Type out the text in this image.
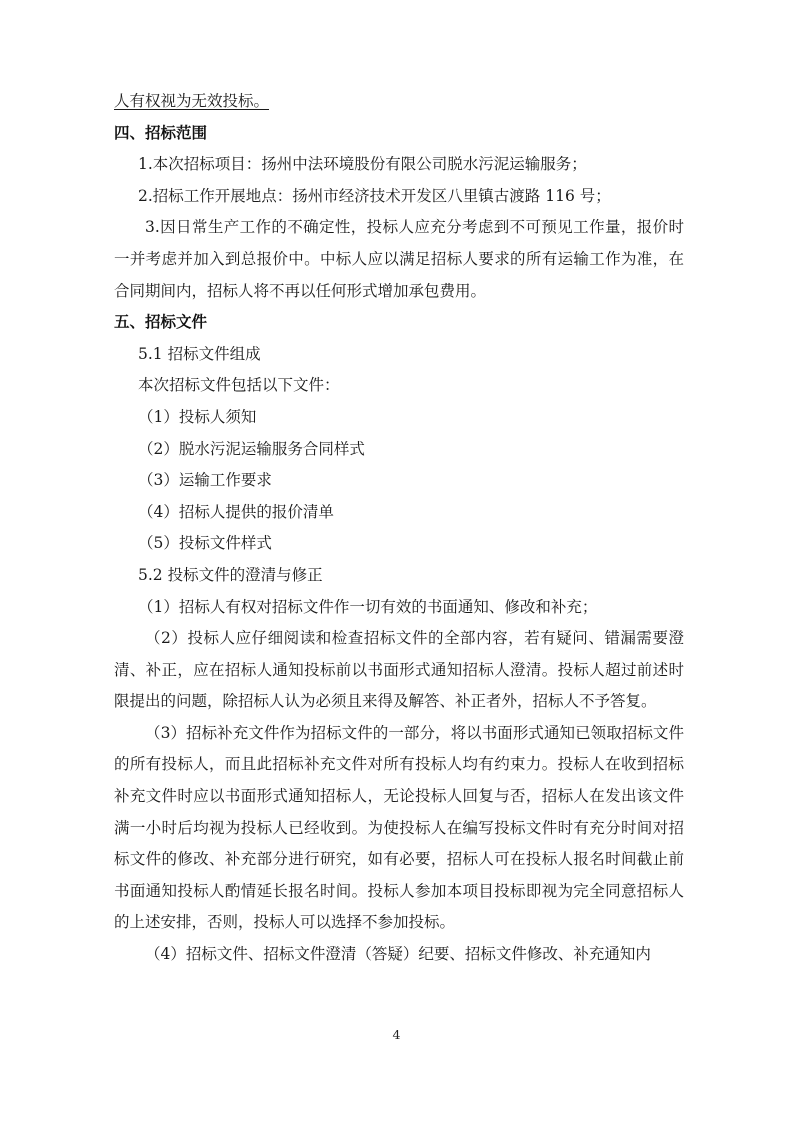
人有权视为无效投标。

四、招标范围

1.本次招标项目：扬州中法环境股份有限公司脱水污泥运输服务；

2.招标工作开展地点：扬州市经济技术开发区八里镇古渡路 116 号；

3.因日常生产工作的不确定性，投标人应充分考虑到不可预见工作量，报价时一并考虑并加入到总报价中。中标人应以满足招标人要求的所有运输工作为准，在合同期间内，招标人将不再以任何形式增加承包费用。

五、招标文件

5.1 招标文件组成

本次招标文件包括以下文件：

（1）投标人须知

（2）脱水污泥运输服务合同样式

（3）运输工作要求

（4）招标人提供的报价清单

（5）投标文件样式

5.2 投标文件的澄清与修正

（1）招标人有权对招标文件作一切有效的书面通知、修改和补充；

（2）投标人应仔细阅读和检查招标文件的全部内容，若有疑问、错漏需要澄清、补正，应在招标人通知投标前以书面形式通知招标人澄清。投标人超过前述时限提出的问题，除招标人认为必须且来得及解答、补正者外，招标人不予答复。

（3）招标补充文件作为招标文件的一部分，将以书面形式通知已领取招标文件的所有投标人，而且此招标补充文件对所有投标人均有约束力。投标人在收到招标补充文件时应以书面形式通知招标人，无论投标人回复与否，招标人在发出该文件满一小时后均视为投标人已经收到。为使投标人在编写投标文件时有充分时间对招标文件的修改、补充部分进行研究，如有必要，招标人可在投标人报名时间截止前书面通知投标人酌情延长报名时间。投标人参加本项目投标即视为完全同意招标人的上述安排，否则，投标人可以选择不参加投标。

（4）招标文件、招标文件澄清（答疑）纪要、招标文件修改、补充通知内

4
